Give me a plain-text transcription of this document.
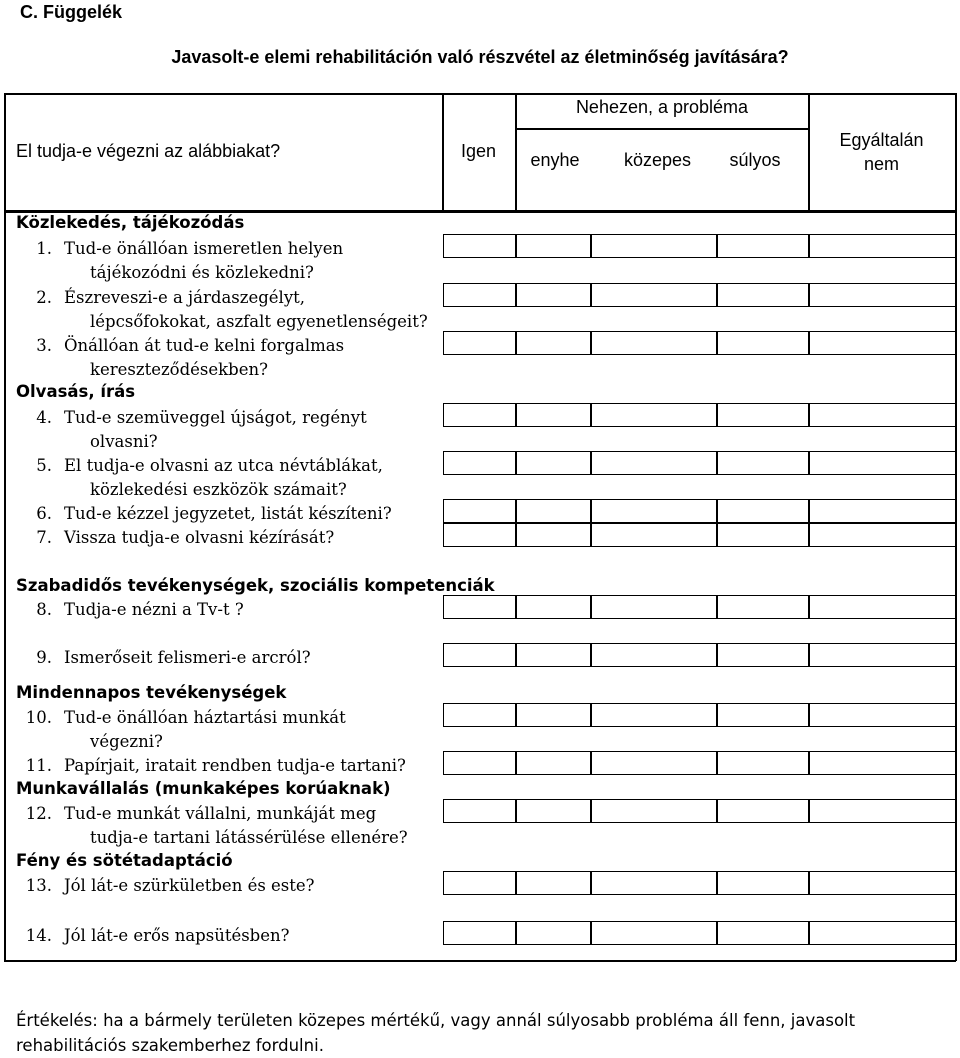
C. Függelék
Javasolt-e elemi rehabilitáción való részvétel az életminőség javítására?
El tudja-e végezni az alábbiakat?	Igen
Nehezen, a probléma
enyhe	közepes	súlyos
Egyáltalán
nem
Közlekedés, tájékozódás
1. Tud-e önállóan ismeretlen helyen
tájékozódni és közlekedni?
2. Észreveszi-e a járdaszegélyt,
lépcsőfokokat, aszfalt egyenetlenségeit?
3. Önállóan át tud-e kelni forgalmas
kereszteződésekben?
Olvasás, írás
4. Tud-e szemüveggel újságot, regényt
olvasni?
5. El tudja-e olvasni az utca névtáblákat,
közlekedési eszközök számait?
6. Tud-e kézzel jegyzetet, listát készíteni?
7. Vissza tudja-e olvasni kézírását?
Szabadidős tevékenységek, szociális kompetenciák
8. Tudja-e nézni a Tv-t ?
9. Ismerőseit felismeri-e arcról?
Mindennapos tevékenységek
10. Tud-e önállóan háztartási munkát
végezni?
11. Papírjait, iratait rendben tudja-e tartani?
Munkavállalás (munkaképes korúaknak)
12. Tud-e munkát vállalni, munkáját meg
tudja-e tartani látássérülése ellenére?
Fény és sötétadaptáció
13. Jól lát-e szürkületben és este?
14. Jól lát-e erős napsütésben?
Értékelés: ha a bármely területen közepes mértékű, vagy annál súlyosabb probléma áll fenn, javasolt rehabilitációs szakemberhez fordulni.
